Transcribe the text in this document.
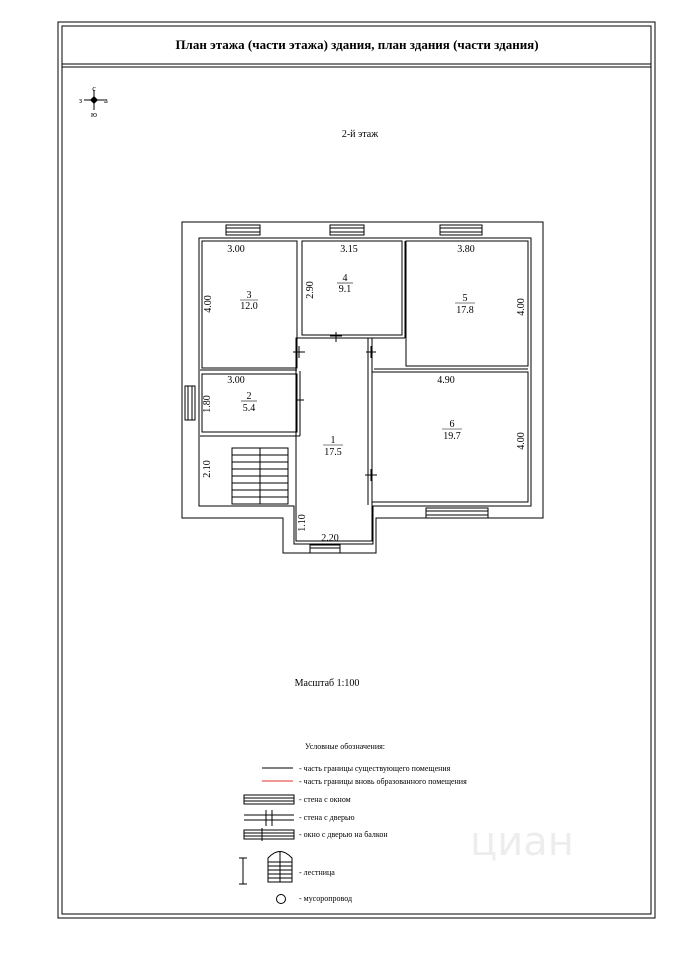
План этажа (части этажа) здания, план здания (части здания)
с
з	в
ю
2-й этаж
3
12.0
4
9.1
5
17.8
2
5.4
1
17.5
6
19.7
3.00
4.00
3.15
2.90
3.80
4.00
3.00
1.80
4.90
4.00
2.10
1.10
2.20
Масштаб 1:100
циан
Условные обозначения:
- часть границы существующего помещения
- часть границы вновь образованного помещения
- стена с окном
- стена с дверью
- окно с дверью на балкон
- лестница
- мусоропровод
